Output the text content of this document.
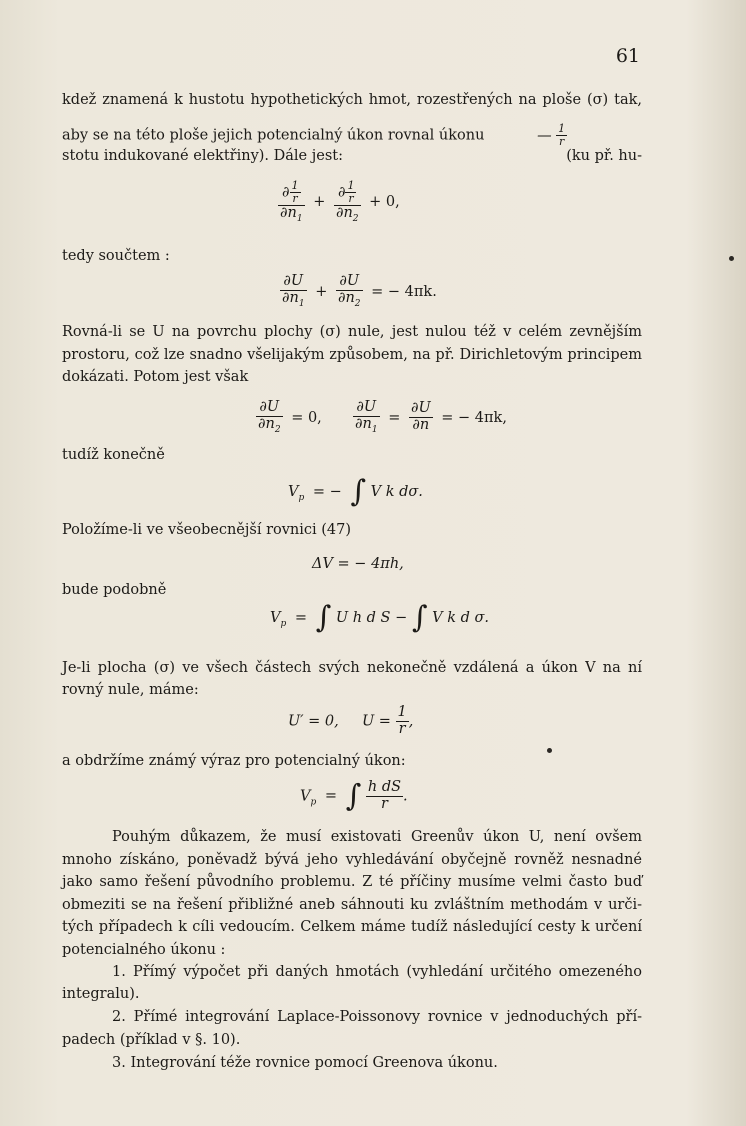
61
kdež znamená k hustotu hypothetických hmot, rozestřených na ploše (σ) tak,
aby se na této ploše jejich potencialný úkon rovnal úkonu	— $\frac{1}{r}$
(ku př. hu-
stotu indukované elektřiny). Dále jest:
$\frac{\partial \frac{1}{r}}{\partial n_1} + \frac{\partial \frac{1}{r}}{\partial n_2} + 0$,
tedy součtem :
$\frac{\partial U}{\partial n_1} + \frac{\partial U}{\partial n_2}$ = − 4πk.
Rovná-li se U na povrchu plochy (σ) nule, jest nulou též v celém zevnějším
prostoru, což lze snadno všelijakým způsobem, na př. Dirichletovým principem
dokázati. Potom jest však
$\frac{\partial U}{\partial n_2} = 0$, $\frac{\partial U}{\partial n_1} = \frac{\partial U}{\partial n}$ = − 4πk,
tudíž konečně
$V_p$ = − ∫ V k dσ.
Položíme-li ve všeobecnější rovnici (47)
ΔV = − 4πh,
bude podobně
$V_p$ = ∫ U h d S − ∫ V k d σ.
Je-li plocha (σ) ve všech částech svých nekonečně vzdálená a úkon V na ní
rovný nule, máme:
U′ = 0, $U = \frac{1}{r}$ ,
a obdržíme známý výraz pro potencialný úkon:
$V_p$ = ∫ $\frac{\text{h dS}}{r}$ .
Pouhým důkazem, že musí existovati Greenův úkon U, není ovšem
mnoho získáno, poněvadž bývá jeho vyhledávání obyčejně rovněž nesnadné
jako samo řešení původního problemu. Z té příčiny musíme velmi často buď
obmeziti se na řešení přibližné aneb sáhnouti ku zvláštním methodám v urči-
tých případech k cíli vedoucím. Celkem máme tudíž následující cesty k určení
potencialného úkonu :
1. Přímý výpočet při daných hmotách (vyhledání určitého omezeného
integralu).
2. Přímé integrování Laplace-Poissonovy rovnice v jednoduchých pří-
padech (příklad v §. 10).
3. Integrování téže rovnice pomocí Greenova úkonu.
